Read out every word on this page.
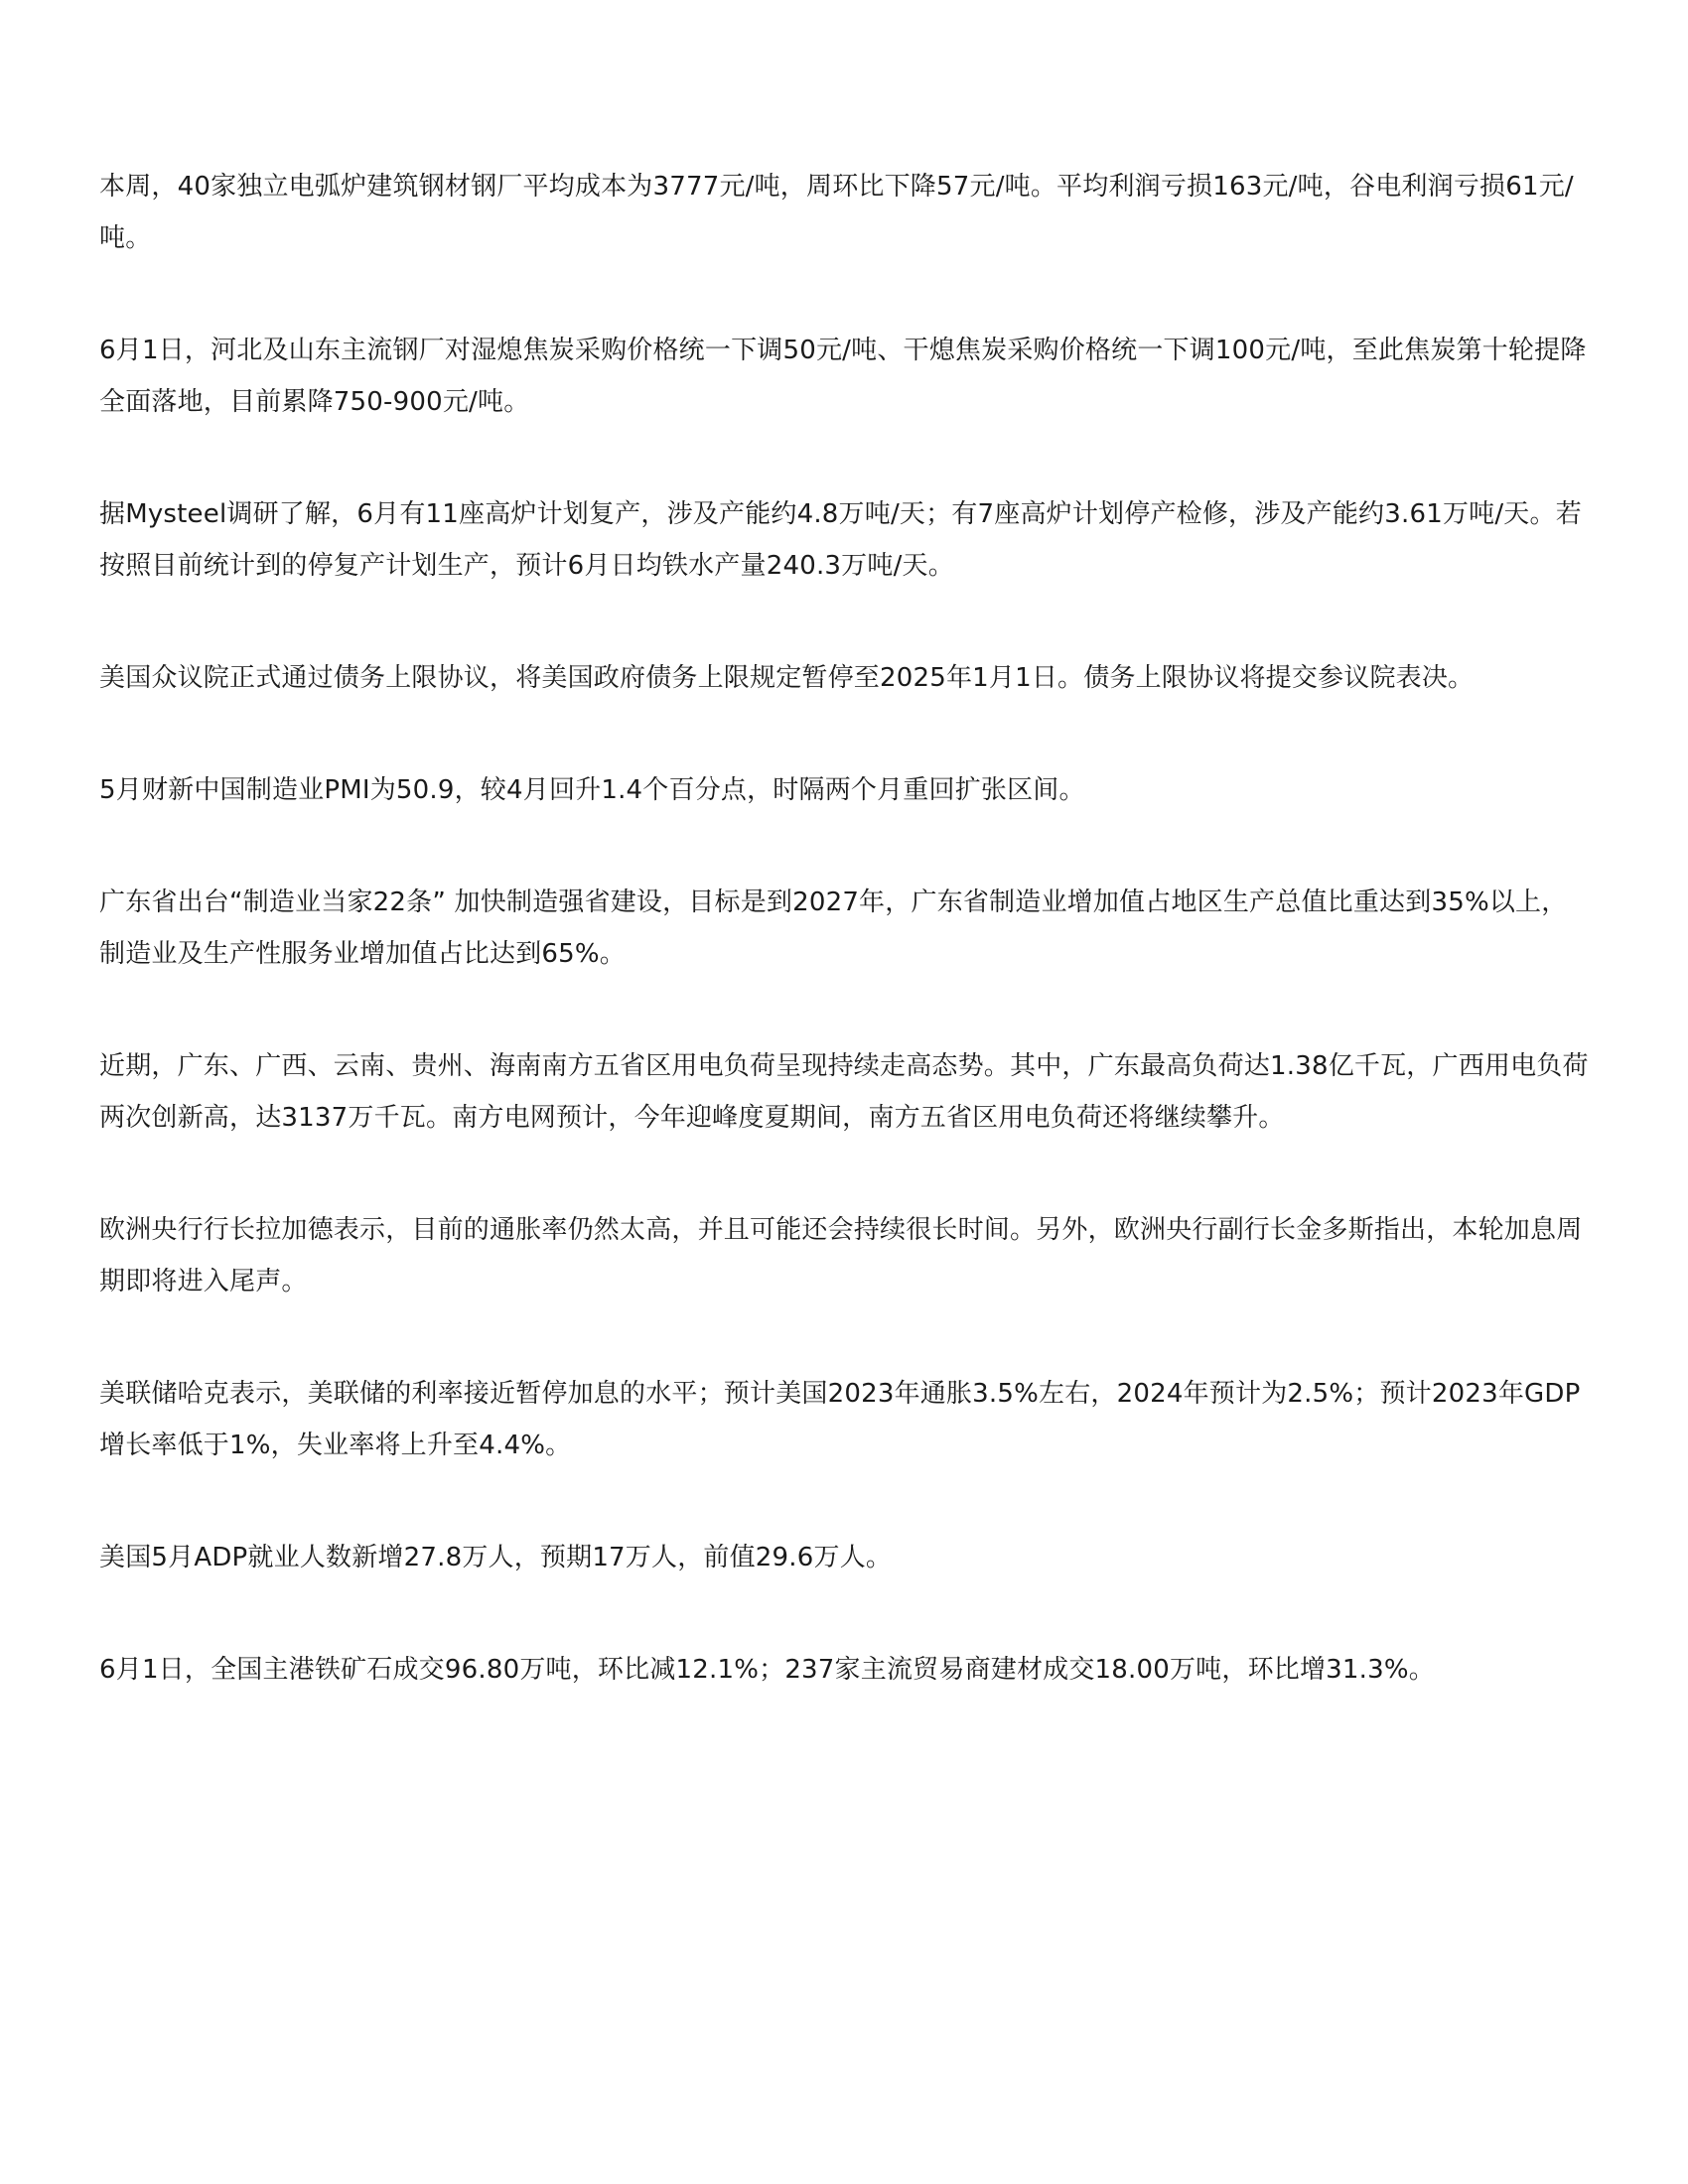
本周，40家独立电弧炉建筑钢材钢厂平均成本为3777元/吨，周环比下降57元/吨。平均利润亏损163元/吨，谷电利润亏损61元/吨。

6月1日，河北及山东主流钢厂对湿熄焦炭采购价格统一下调50元/吨、干熄焦炭采购价格统一下调100元/吨，至此焦炭第十轮提降全面落地，目前累降750-900元/吨。

据Mysteel调研了解，6月有11座高炉计划复产，涉及产能约4.8万吨/天；有7座高炉计划停产检修，涉及产能约3.61万吨/天。若按照目前统计到的停复产计划生产，预计6月日均铁水产量240.3万吨/天。

美国众议院正式通过债务上限协议，将美国政府债务上限规定暂停至2025年1月1日。债务上限协议将提交参议院表决。

5月财新中国制造业PMI为50.9，较4月回升1.4个百分点，时隔两个月重回扩张区间。

广东省出台“制造业当家22条” 加快制造强省建设，目标是到2027年，广东省制造业增加值占地区生产总值比重达到35%以上，制造业及生产性服务业增加值占比达到65%。

近期，广东、广西、云南、贵州、海南南方五省区用电负荷呈现持续走高态势。其中，广东最高负荷达1.38亿千瓦，广西用电负荷两次创新高，达3137万千瓦。南方电网预计，今年迎峰度夏期间，南方五省区用电负荷还将继续攀升。

欧洲央行行长拉加德表示，目前的通胀率仍然太高，并且可能还会持续很长时间。另外，欧洲央行副行长金多斯指出，本轮加息周期即将进入尾声。

美联储哈克表示，美联储的利率接近暂停加息的水平；预计美国2023年通胀3.5%左右，2024年预计为2.5%；预计2023年GDP增长率低于1%，失业率将上升至4.4%。

美国5月ADP就业人数新增27.8万人，预期17万人，前值29.6万人。

6月1日，全国主港铁矿石成交96.80万吨，环比减12.1%；237家主流贸易商建材成交18.00万吨，环比增31.3%。
